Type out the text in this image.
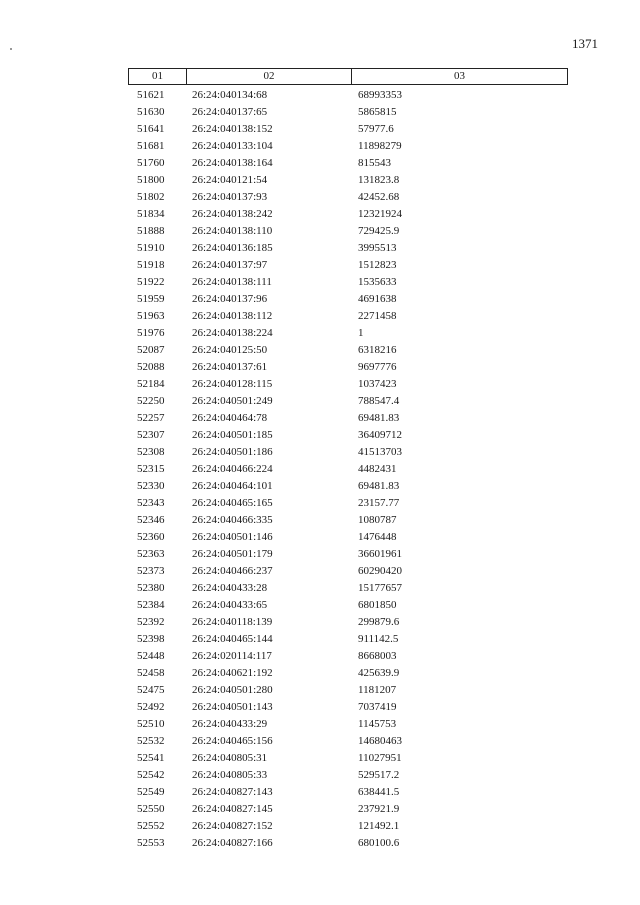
1371
01	02	03
51621	26:24:040134:68	68993353
51630	26:24:040137:65	5865815
51641	26:24:040138:152	57977.6
51681	26:24:040133:104	11898279
51760	26:24:040138:164	815543
51800	26:24:040121:54	131823.8
51802	26:24:040137:93	42452.68
51834	26:24:040138:242	12321924
51888	26:24:040138:110	729425.9
51910	26:24:040136:185	3995513
51918	26:24:040137:97	1512823
51922	26:24:040138:111	1535633
51959	26:24:040137:96	4691638
51963	26:24:040138:112	2271458
51976	26:24:040138:224	1
52087	26:24:040125:50	6318216
52088	26:24:040137:61	9697776
52184	26:24:040128:115	1037423
52250	26:24:040501:249	788547.4
52257	26:24:040464:78	69481.83
52307	26:24:040501:185	36409712
52308	26:24:040501:186	41513703
52315	26:24:040466:224	4482431
52330	26:24:040464:101	69481.83
52343	26:24:040465:165	23157.77
52346	26:24:040466:335	1080787
52360	26:24:040501:146	1476448
52363	26:24:040501:179	36601961
52373	26:24:040466:237	60290420
52380	26:24:040433:28	15177657
52384	26:24:040433:65	6801850
52392	26:24:040118:139	299879.6
52398	26:24:040465:144	911142.5
52448	26:24:020114:117	8668003
52458	26:24:040621:192	425639.9
52475	26:24:040501:280	1181207
52492	26:24:040501:143	7037419
52510	26:24:040433:29	1145753
52532	26:24:040465:156	14680463
52541	26:24:040805:31	11027951
52542	26:24:040805:33	529517.2
52549	26:24:040827:143	638441.5
52550	26:24:040827:145	237921.9
52552	26:24:040827:152	121492.1
52553	26:24:040827:166	680100.6
